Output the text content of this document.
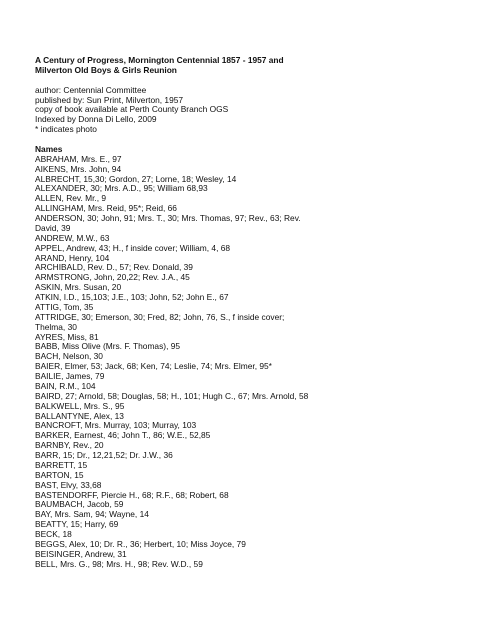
A Century of Progress, Mornington Centennial 1857 - 1957 and
Milverton Old Boys & Girls Reunion
author: Centennial Committee
published by: Sun Print, Milverton, 1957
copy of book available at Perth County Branch OGS
Indexed by Donna Di Lello, 2009
* indicates photo
Names
ABRAHAM, Mrs. E., 97
AIKENS, Mrs. John, 94
ALBRECHT, 15,30; Gordon, 27; Lorne, 18; Wesley, 14
ALEXANDER, 30; Mrs. A.D., 95; William 68,93
ALLEN, Rev. Mr., 9
ALLINGHAM, Mrs. Reid, 95*; Reid, 66
ANDERSON, 30; John, 91; Mrs. T., 30; Mrs. Thomas, 97; Rev., 63; Rev.
David, 39
ANDREW, M.W., 63
APPEL, Andrew, 43; H., f inside cover; William, 4, 68
ARAND, Henry, 104
ARCHIBALD, Rev. D., 57; Rev. Donald, 39
ARMSTRONG, John, 20,22; Rev. J.A., 45
ASKIN, Mrs. Susan, 20
ATKIN, I.D., 15,103; J.E., 103; John, 52; John E., 67
ATTIG, Tom, 35
ATTRIDGE, 30; Emerson, 30; Fred, 82; John, 76, S., f inside cover;
Thelma, 30
AYRES, Miss, 81
BABB, Miss Olive (Mrs. F. Thomas), 95
BACH, Nelson, 30
BAIER, Elmer, 53; Jack, 68; Ken, 74; Leslie, 74; Mrs. Elmer, 95*
BAILIE, James, 79
BAIN, R.M., 104
BAIRD, 27; Arnold, 58; Douglas, 58; H., 101; Hugh C., 67; Mrs. Arnold, 58
BALKWELL, Mrs. S., 95
BALLANTYNE, Alex, 13
BANCROFT, Mrs. Murray, 103; Murray, 103
BARKER, Earnest, 46; John T., 86; W.E., 52,85
BARNBY, Rev., 20
BARR, 15; Dr., 12,21,52; Dr. J.W., 36
BARRETT, 15
BARTON, 15
BAST, Elvy, 33,68
BASTENDORFF, Piercie H., 68; R.F., 68; Robert, 68
BAUMBACH, Jacob, 59
BAY, Mrs. Sam, 94; Wayne, 14
BEATTY, 15; Harry, 69
BECK, 18
BEGGS, Alex, 10; Dr. R., 36; Herbert, 10; Miss Joyce, 79
BEISINGER, Andrew, 31
BELL, Mrs. G., 98; Mrs. H., 98; Rev. W.D., 59
